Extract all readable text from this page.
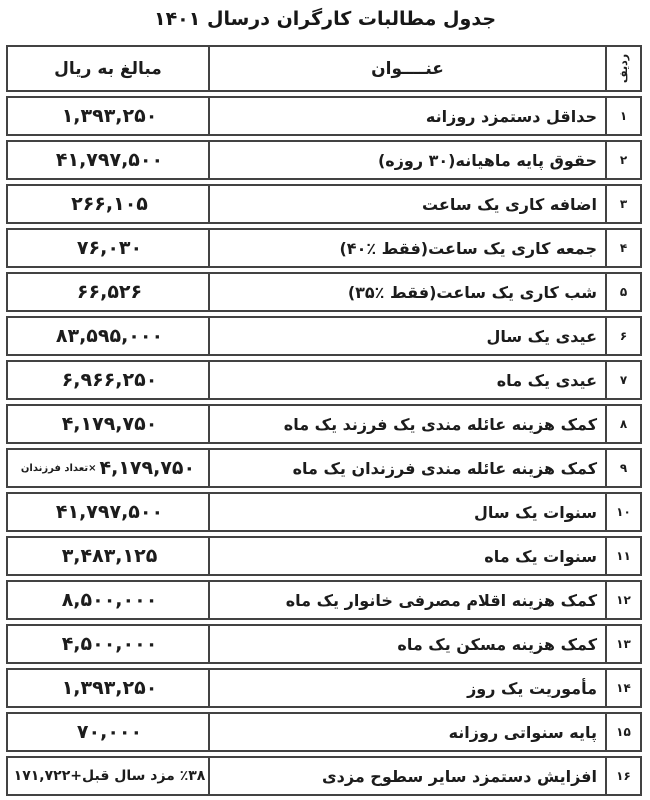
جدول مطالبات کارگران درسال ۱۴۰۱
ردیف
عنــــوان
مبالغ به ریال
۱
حداقل دستمزد روزانه
۱,۳۹۳,۲۵۰
۲
حقوق پایه ماهیانه(۳۰ روزه)
۴۱,۷۹۷,۵۰۰
۳
اضافه کاری یک ساعت
۲۶۶,۱۰۵
۴
جمعه کاری یک ساعت(فقط ٪۴۰)
۷۶,۰۳۰
۵
شب کاری یک ساعت(فقط ٪۳۵)
۶۶,۵۲۶
۶
عیدی یک سال
۸۳,۵۹۵,۰۰۰
۷
عیدی یک ماه
۶,۹۶۶,۲۵۰
۸
کمک هزینه عائله مندی یک فرزند یک ماه
۴,۱۷۹,۷۵۰
۹
کمک هزینه عائله مندی فرزندان یک ماه
۴,۱۷۹,۷۵۰
×تعداد فرزندان
۱۰
سنوات یک سال
۴۱,۷۹۷,۵۰۰
۱۱
سنوات یک ماه
۳,۴۸۳,۱۲۵
۱۲
کمک هزینه اقلام مصرفی خانوار یک ماه
۸,۵۰۰,۰۰۰
۱۳
کمک هزینه مسکن یک ماه
۴,۵۰۰,۰۰۰
۱۴
مأموریت یک روز
۱,۳۹۳,۲۵۰
۱۵
پایه سنواتی روزانه
۷۰,۰۰۰
۱۶
افزایش دستمزد سایر سطوح مزدی
٪۳۸ مزد سال قبل+۱۷۱,۷۲۲
